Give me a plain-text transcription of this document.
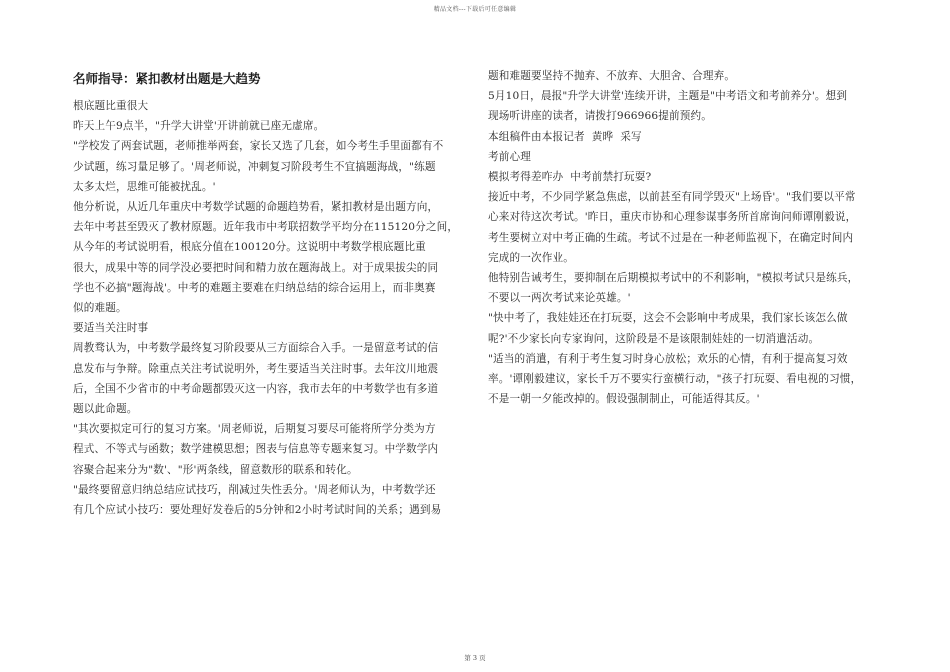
精品文档---下载后可任意编辑
名师指导：紧扣教材出题是大趋势
根底题比重很大
昨天上午9点半，"升学大讲堂'开讲前就已座无虚席。
"学校发了两套试题，老师推举两套，家长又选了几套，如今考生手里面都有不
少试题，练习量足够了。'周老师说，冲刺复习阶段考生不宜搞题海战，"练题
太多太烂，思维可能被扰乱。'
他分析说，从近几年重庆中考数学试题的命题趋势看，紧扣教材是出题方向，
去年中考甚至毁灭了教材原题。近年我市中考联招数学平均分在115120分之间，
从今年的考试说明看，根底分值在100120分。这说明中考数学根底题比重
很大，成果中等的同学没必要把时间和精力放在题海战上。对于成果拔尖的同
学也不必搞"题海战'。中考的难题主要难在归纳总结的综合运用上，而非奥赛
似的难题。
要适当关注时事
周教骛认为，中考数学最终复习阶段要从三方面综合入手。一是留意考试的信
息发布与争辩。除重点关注考试说明外，考生要适当关注时事。去年汶川地震
后，全国不少省市的中考命题都毁灭这一内容，我市去年的中考数学也有多道
题以此命题。
"其次要拟定可行的复习方案。'周老师说，后期复习要尽可能将所学分类为方
程式、不等式与函数；数学建模思想；图表与信息等专题来复习。中学数学内
容聚合起来分为"数'、"形'两条线，留意数形的联系和转化。
"最终要留意归纳总结应试技巧，削减过失性丢分。'周老师认为，中考数学还
有几个应试小技巧：要处理好发卷后的5分钟和2小时考试时间的关系；遇到易
题和难题要坚持不抛弃、不放弃、大胆舍、合理弃。
5月10日，晨报"升学大讲堂'连续开讲，主题是"中考语文和考前养分'。想到
现场听讲座的读者，请拨打966966提前预约。
本组稿件由本报记者  黄晔  采写
考前心理
模拟考得差咋办  中考前禁打玩耍?
接近中考，不少同学紧急焦虑，以前甚至有同学毁灭"上场昏'。"我们要以平常
心来对待这次考试。'昨日，重庆市协和心理参谋事务所首席询问师谭刚毅说，
考生要树立对中考正确的生疏。考试不过是在一种老师监视下，在确定时间内
完成的一次作业。
他特别告诫考生，要抑制在后期模拟考试中的不利影响，"模拟考试只是练兵，
不要以一两次考试来论英雄。'
"快中考了，我娃娃还在打玩耍，这会不会影响中考成果，我们家长该怎么做
呢?'不少家长向专家询问，这阶段是不是该限制娃娃的一切消遣活动。
"适当的消遣，有利于考生复习时身心放松；欢乐的心情，有利于提高复习效
率。'谭刚毅建议，家长千万不要实行蛮横行动，"孩子打玩耍、看电视的习惯，
不是一朝一夕能改掉的。假设强制制止，可能适得其反。'
第 3 页
